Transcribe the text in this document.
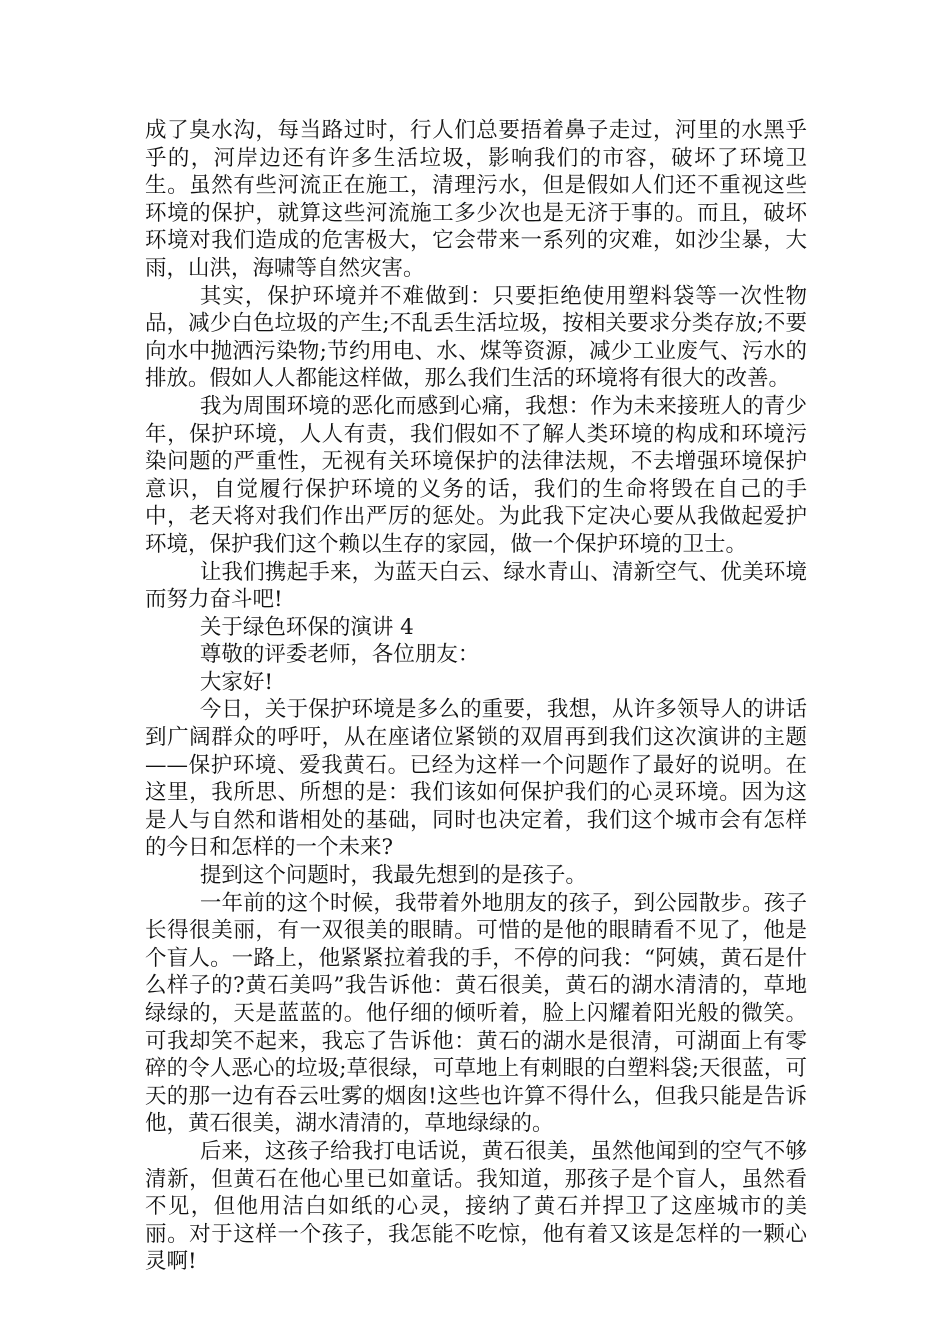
成了臭水沟，每当路过时，行人们总要捂着鼻子走过，河里的水黑乎乎的，河岸边还有许多生活垃圾，影响我们的市容，破坏了环境卫生。虽然有些河流正在施工，清理污水，但是假如人们还不重视这些环境的保护，就算这些河流施工多少次也是无济于事的。而且，破坏环境对我们造成的危害极大，它会带来一系列的灾难，如沙尘暴，大雨，山洪，海啸等自然灾害。

其实，保护环境并不难做到：只要拒绝使用塑料袋等一次性物品，减少白色垃圾的产生;不乱丢生活垃圾，按相关要求分类存放;不要向水中抛洒污染物;节约用电、水、煤等资源，减少工业废气、污水的排放。假如人人都能这样做，那么我们生活的环境将有很大的改善。

我为周围环境的恶化而感到心痛，我想：作为未来接班人的青少年，保护环境，人人有责，我们假如不了解人类环境的构成和环境污染问题的严重性，无视有关环境保护的法律法规，不去增强环境保护意识，自觉履行保护环境的义务的话，我们的生命将毁在自己的手中，老天将对我们作出严厉的惩处。为此我下定决心要从我做起爱护环境，保护我们这个赖以生存的家园，做一个保护环境的卫士。

让我们携起手来，为蓝天白云、绿水青山、清新空气、优美环境而努力奋斗吧!

关于绿色环保的演讲 4

尊敬的评委老师，各位朋友：

大家好!

今日，关于保护环境是多么的重要，我想，从许多领导人的讲话到广阔群众的呼吁，从在座诸位紧锁的双眉再到我们这次演讲的主题——保护环境、爱我黄石。已经为这样一个问题作了最好的说明。在这里，我所思、所想的是：我们该如何保护我们的心灵环境。因为这是人与自然和谐相处的基础，同时也决定着，我们这个城市会有怎样的今日和怎样的一个未来?

提到这个问题时，我最先想到的是孩子。

一年前的这个时候，我带着外地朋友的孩子，到公园散步。孩子长得很美丽，有一双很美的眼睛。可惜的是他的眼睛看不见了，他是个盲人。一路上，他紧紧拉着我的手，不停的问我：“阿姨，黄石是什么样子的?黄石美吗”我告诉他：黄石很美，黄石的湖水清清的，草地绿绿的，天是蓝蓝的。他仔细的倾听着，脸上闪耀着阳光般的微笑。可我却笑不起来，我忘了告诉他：黄石的湖水是很清，可湖面上有零碎的令人恶心的垃圾;草很绿，可草地上有刺眼的白塑料袋;天很蓝，可天的那一边有吞云吐雾的烟囱!这些也许算不得什么，但我只能是告诉他，黄石很美，湖水清清的，草地绿绿的。

后来，这孩子给我打电话说，黄石很美，虽然他闻到的空气不够清新，但黄石在他心里已如童话。我知道，那孩子是个盲人，虽然看不见，但他用洁白如纸的心灵，接纳了黄石并捍卫了这座城市的美丽。对于这样一个孩子，我怎能不吃惊，他有着又该是怎样的一颗心灵啊!
